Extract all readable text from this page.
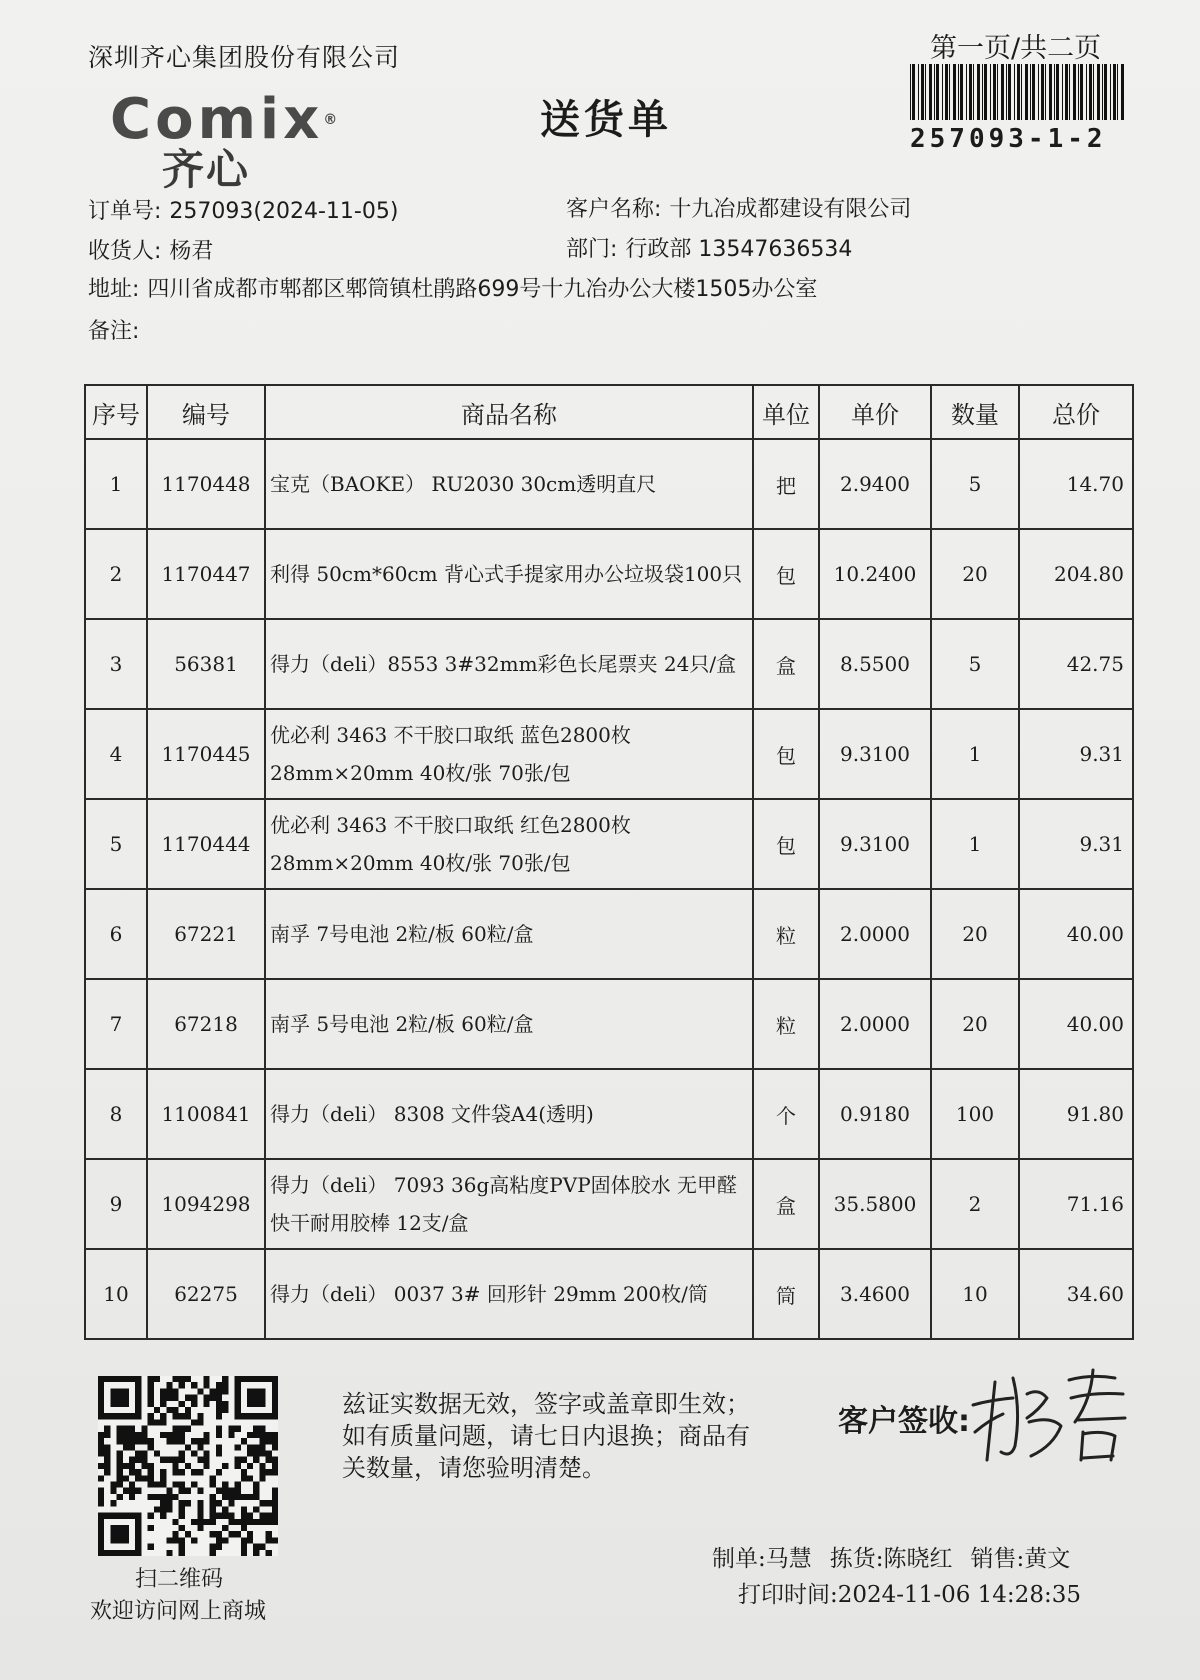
深圳齐心集团股份有限公司
Comix®
齐心
送货单
第一页/共二页
257093-1-2
订单号: 257093(2024-11-05)	客户名称: 十九冶成都建设有限公司
收货人: 杨君	部门: 行政部 13547636534
地址: 四川省成都市郫都区郫筒镇杜鹃路699号十九冶办公大楼1505办公室
备注:
序号	编号	商品名称	单位	单价	数量	总价
1	1170448	宝克（BAOKE） RU2030 30cm透明直尺	把	2.9400	5	14.70
2	1170447	利得 50cm*60cm 背心式手提家用办公垃圾袋100只	包	10.2400	20	204.80
3	56381	得力（deli）8553 3#32mm彩色长尾票夹 24只/盒	盒	8.5500	5	42.75
4	1170445	优必利 3463 不干胶口取纸 蓝色2800枚 28mm×20mm 40枚/张 70张/包	包	9.3100	1	9.31
5	1170444	优必利 3463 不干胶口取纸 红色2800枚 28mm×20mm 40枚/张 70张/包	包	9.3100	1	9.31
6	67221	南孚 7号电池 2粒/板 60粒/盒	粒	2.0000	20	40.00
7	67218	南孚 5号电池 2粒/板 60粒/盒	粒	2.0000	20	40.00
8	1100841	得力（deli） 8308 文件袋A4(透明)	个	0.9180	100	91.80
9	1094298	得力（deli） 7093 36g高粘度PVP固体胶水 无甲醛快干耐用胶棒 12支/盒	盒	35.5800	2	71.16
10	62275	得力（deli） 0037 3# 回形针 29mm 200枚/筒	筒	3.4600	10	34.60
扫二维码
欢迎访问网上商城
兹证实数据无效，签字或盖章即生效；如有质量问题，请七日内退换；商品有关数量，请您验明清楚。
客户签收:
制单:马慧 拣货:陈晓红 销售:黄文
打印时间:2024-11-06 14:28:35
